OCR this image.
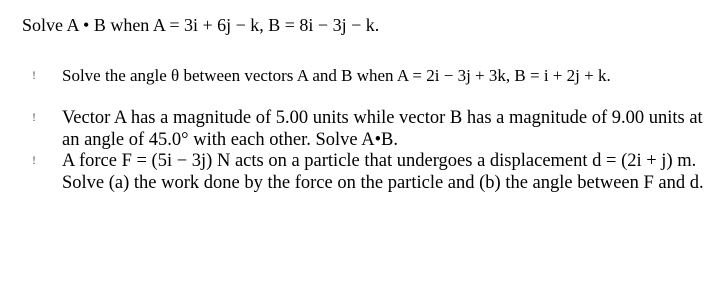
Solve A • B when A = 3i + 6j − k, B = 8i − 3j − k.
! Solve the angle θ between vectors A and B when A = 2i − 3j + 3k, B = i + 2j + k.
! Vector A has a magnitude of 5.00 units while vector B has a magnitude of 9.00 units at an angle of 45.0° with each other. Solve A•B.
! A force F = (5i − 3j) N acts on a particle that undergoes a displacement d = (2i + j) m. Solve (a) the work done by the force on the particle and (b) the angle between F and d.
